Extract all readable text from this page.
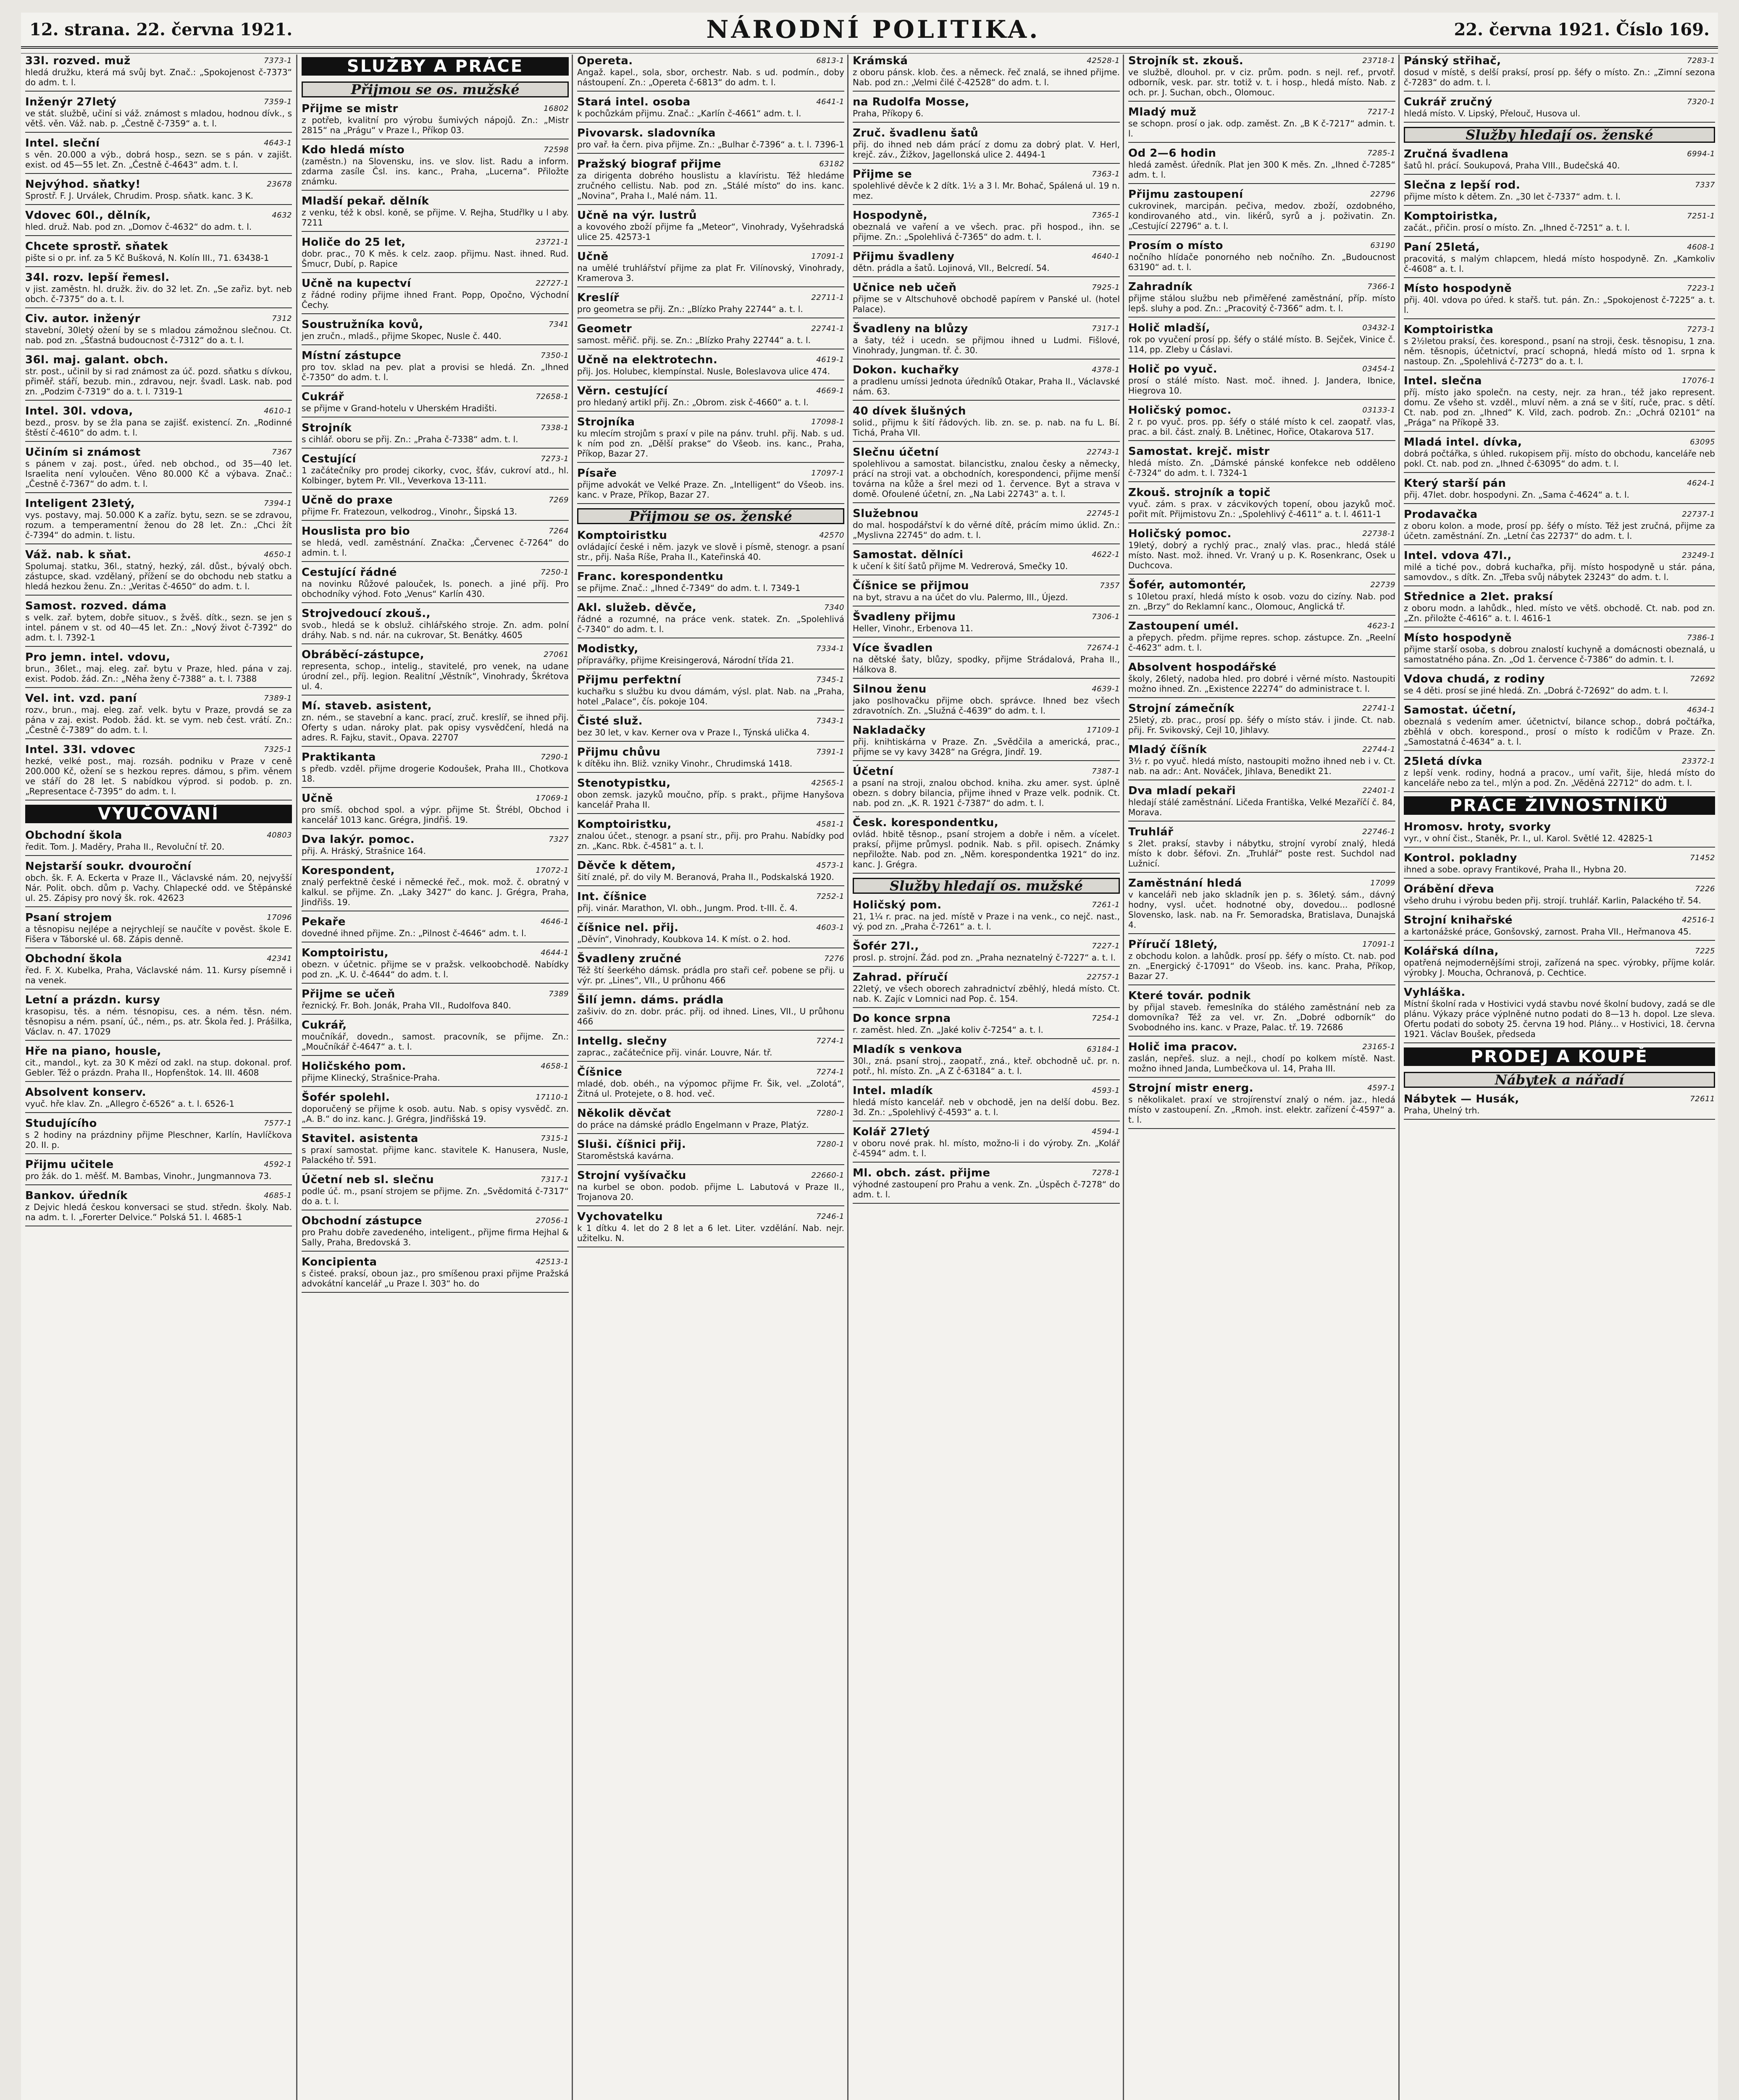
12. strana. 22. června 1921.	NÁRODNÍ POLITIKA.	22. června 1921. Číslo 169.
7373-1
33l. rozved. muž
hledá družku, která má svůj byt. Znač.: „Spokojenost č-7373“ do adm. t. l.
7359-1
Inženýr 27letý
ve stát. službě, učiní si váž. známost s mladou, hodnou dívk., s větš. věn. Váž. nab. p. „Čestně č-7359“ a. t. l.
4643-1
Intel. sleční
s věn. 20.000 a výb., dobrá hosp., sezn. se s pán. v zajišt. exist. od 45—55 let. Zn. „Čestně č-4643“ adm. t. l.
23678
Nejvýhod. sňatky!
Sprostř. F. J. Urválek, Chrudim. Prosp. sňatk. kanc. 3 K.
4632
Vdovec 60l., dělník,
hled. druž. Nab. pod zn. „Domov č-4632“ do adm. t. l.
Chcete sprostř. sňatek
pište si o pr. inf. za 5 Kč Bušková, N. Kolín III., 71. 63438-1
34l. rozv. lepší řemesl.
v jist. zaměstn. hl. družk. živ. do 32 let. Zn. „Se zařiz. byt. neb obch. č-7375“ do a. t. l.
7312
Civ. autor. inženýr
stavební, 30letý ožení by se s mladou zámožnou slečnou. Ct. nab. pod zn. „Šťastná budoucnost č-7312“ do a. t. l.
36l. maj. galant. obch.
str. post., učinil by si rad známost za úč. pozd. sňatku s dívkou, přiměř. stáří, bezub. min., zdravou, nejr. švadl. Lask. nab. pod zn. „Podzim č-7319“ do a. t. l. 7319-1
4610-1
Intel. 30l. vdova,
bezd., prosv. by se žla pana se zajišť. existencí. Zn. „Rodinné štěstí č-4610“ do adm. t. l.
7367
Učiním si známost
s pánem v zaj. post., úřed. neb obchod., od 35—40 let. Israelita není vyloučen. Věno 80.000 Kč a výbava. Znač.: „Čestně č-7367“ do adm. t. l.
7394-1
Inteligent 23letý,
vys. postavy, maj. 50.000 K a zaříz. bytu, sezn. se se zdravou, rozum. a temperamentní ženou do 28 let. Zn.: „Chci žít č-7394“ do admin. t. listu.
4650-1
Váž. nab. k sňat.
Spolumaj. statku, 36l., statný, hezký, zál. důst., bývalý obch. zástupce, skad. vzdělaný, přížení se do obchodu neb statku a hledá hezkou ženu. Zn.: „Veritas č-4650“ do adm. t. l.
Samost. rozved. dáma
s velk. zař. bytem, dobře situov., s žvěš. dítk., sezn. se jen s intel. pánem v st. od 40—45 let. Zn.: „Nový život č-7392“ do adm. t. l. 7392-1
Pro jemn. intel. vdovu,
brun., 36let., maj. eleg. zař. bytu v Praze, hled. pána v zaj. exist. Podob. žád. Zn.: „Něha ženy č-7388“ a. t. l. 7388
7389-1
Vel. int. vzd. paní
rozv., brun., maj. eleg. zař. velk. bytu v Praze, provdá se za pána v zaj. exist. Podob. žád. kt. se vym. neb čest. vrátí. Zn.: „Čestně č-7389“ do adm. t. l.
7325-1
Intel. 33l. vdovec
hezké, velké post., maj. rozsáh. podniku v Praze v ceně 200.000 Kč, ožení se s hezkou repres. dámou, s přim. věnem ve stáří do 28 let. S nabídkou výprod. si podob. p. zn. „Representace č-7395“ do adm. t. l.
VYUČOVÁNÍ
40803
Obchodní škola
ředit. Tom. J. Maděry, Praha II., Revoluční tř. 20.
Nejstarší soukr. dvouroční
obch. šk. F. A. Eckerta v Praze II., Václavské nám. 20, nejvyšší Nár. Polit. obch. dům p. Vachy. Chlapecké odd. ve Štěpánské ul. 25. Zápisy pro nový šk. rok. 42623
17096
Psaní strojem
a těsnopisu nejlépe a nejrychlejí se naučíte v pověst. škole E. Fišera v Táborské ul. 68. Zápis denně.
42341
Obchodní škola
řed. F. X. Kubelka, Praha, Václavské nám. 11. Kursy písemně i na venek.
Letní a prázdn. kursy
krasopisu, těs. a ném. tésnopisu, ces. a ném. těsn. ném. těsnopisu a ném. psaní, úč., ném., ps. atr. Škola řed. J. Prášilka, Václav. n. 47. 17029
Hře na piano, housle,
cit., mandol., kyt. za 30 K mězí od zakl. na stup. dokonal. prof. Gebler. Též o prázdn. Praha II., Hopfenštok. 14. III. 4608
Absolvent konserv.
vyuč. hře klav. Zn. „Allegro č-6526“ a. t. l. 6526-1
7577-1
Studujícího
s 2 hodiny na prázdniny přijme Pleschner, Karlín, Havlíčkova 20. II. p.
4592-1
Přijmu učitele
pro žák. do 1. měšť. M. Bambas, Vinohr., Jungmannova 73.
4685-1
Bankov. úředník
z Dejvic hledá českou konversaci se stud. středn. školy. Nab. na adm. t. l. „Forerter Delvice.“ Polská 51. l. 4685-1
SLUŽBY A PRÁCE
Přijmou se os. mužské
16802
Přijme se mistr
z potřeb, kvalitní pro výrobu šumivých nápojů. Zn.: „Mistr 2815“ na „Prágu“ v Praze I., Příkop 03.
72598
Kdo hledá místo
(zaměstn.) na Slovensku, ins. ve slov. list. Radu a inform. zdarma zasíle Čsl. ins. kanc., Praha, „Lucerna“. Přiložte známku.
Mladší pekař. dělník
z venku, též k obsl. koně, se přijme. V. Rejha, Studřlky u l aby. 7211
23721-1
Holiče do 25 let,
dobr. prac., 70 K měs. k celz. zaop. přijmu. Nast. ihned. Rud. Šmucr, Dubí, p. Rapice
22727-1
Učně na kupectví
z řádné rodiny přijme ihned Frant. Popp, Opočno, Východní Čechy.
7341
Soustružníka kovů,
jen zručn., mladš., přijme Skopec, Nusle č. 440.
7350-1
Místní zástupce
pro tov. sklad na pev. plat a provisi se hledá. Zn. „Ihned č-7350“ do adm. t. l.
72658-1
Cukrář
se přijme v Grand-hotelu v Uherském Hradišti.
7338-1
Strojník
s cihlář. oboru se přij. Zn.: „Praha č-7338“ adm. t. l.
7273-1
Cestující
1 začátečníky pro prodej cikorky, cvoc, šťáv, cukroví atd., hl. Kolbinger, bytem Pr. VII., Veverkova 13-111.
7269
Učně do praxe
přijme Fr. Fratezoun, velkodrog., Vinohr., Šipská 13.
7264
Houslista pro bio
se hledá, vedl. zaměstnání. Značka: „Červenec č-7264“ do admin. t. l.
7250-1
Cestující řádné
na novinku Růžové palouček, Is. ponech. a jiné příj. Pro obchodníky výhod. Foto „Venus“ Karlín 430.
Strojvedoucí zkouš.,
svob., hledá se k obsluž. cihlářského stroje. Zn. adm. polní dráhy. Nab. s nd. nár. na cukrovar, St. Benátky. 4605
27061
Obráběcí-zástupce,
representa, schop., intelig., stavitelé, pro venek, na udane úrodní zel., příj. legion. Realitní „Věstník“, Vinohrady, Škrétova ul. 4.
Mí. staveb. asistent,
zn. ném., se stavební a kanc. prací, zruč. kreslíř, se ihned přij. Oferty s udan. nároky plat. pak opisy vysvědčení, hledá na adres. R. Fajku, stavit., Opava. 22707
7290-1
Praktikanta
s předb. vzděl. přijme drogerie Kodoušek, Praha III., Chotkova 18.
17069-1
Učně
pro smíš. obchod spol. a výpr. přijme St. Štrébl, Obchod i kancelář 1013 kanc. Grégra, Jindřiš. 19.
7327
Dva lakýr. pomoc.
přij. A. Hráský, Strašnice 164.
17072-1
Korespondent,
znalý perfektně české i německé řeč., mok. mož. č. obratný v kalkul. se přijme. Zn. „Laky 3427“ do kanc. J. Grégra, Praha, Jindřišs. 19.
4646-1
Pekaře
dovedné ihned přijme. Zn.: „Pilnost č-4646“ adm. t. l.
4644-1
Komptoiristu,
obezn. v účetnic. přijme se v pražsk. velkoobchodě. Nabídky pod zn. „K. U. č-4644“ do adm. t. l.
7389
Přijme se učeň
řeznický. Fr. Boh. Jonák, Praha VII., Rudolfova 840.
Cukrář,
moučníkář, dovedn., samost. pracovník, se přijme. Zn.: „Moučníkář č-4647“ a. t. l.
4658-1
Holičského pom.
přijme Klinecký, Strašnice-Praha.
17110-1
Šofér spolehl.
doporučený se přijme k osob. autu. Nab. s opisy vysvědč. zn. „A. B.“ do inz. kanc. J. Grégra, Jindřišská 19.
7315-1
Stavitel. asistenta
s praxí samostat. přijme kanc. stavitele K. Hanusera, Nusle, Palackého tř. 591.
7317-1
Účetní neb sl. slečnu
podle úč. m., psaní strojem se přijme. Zn. „Svědomitá č-7317“ do a. t. l.
27056-1
Obchodní zástupce
pro Prahu dobře zavedeného, inteligent., přijme firma Hejhal & Sally, Praha, Bredovská 3.
42513-1
Koncipienta
s čisteé. praksí, oboun jaz., pro smíšenou praxi přijme Pražská advokátní kancelář „u Praze I. 303“ ho. do
6813-1
Opereta.
Angaž. kapel., sola, sbor, orchestr. Nab. s ud. podmín., doby nástoupení. Zn.: „Opereta č-6813“ do adm. t. l.
4641-1
Stará intel. osoba
k pochůzkám přijmu. Znač.: „Karlín č-4661“ adm. t. l.
Pivovarsk. sladovníka
pro vař. ła čern. piva přijme. Zn.: „Bulhar č-7396“ a. t. l. 7396-1
63182
Pražský biograf přijme
za dirigenta dobrého houslistu a klavíristu. Též hledáme zručného cellistu. Nab. pod zn. „Stálé místo“ do ins. kanc. „Novina“, Praha I., Malé nám. 11.
Učně na výr. lustrů
a kovového zboží přijme fa „Meteor“, Vinohrady, Vyšehradská ulice 25. 42573-1
17091-1
Učně
na umělé truhlářství přijme za plat Fr. Vilínovský, Vinohrady, Kramerova 3.
22711-1
Kreslíř
pro geometra se přij. Zn.: „Blízko Prahy 22744“ a. t. l.
22741-1
Geometr
samost. měřič. přij. se. Zn.: „Blízko Prahy 22744“ a. t. l.
4619-1
Učně na elektrotechn.
přij. Jos. Holubec, klempínstal. Nusle, Boleslavova ulice 474.
4669-1
Věrn. cestující
pro hledaný artikl přij. Zn.: „Obrom. zisk č-4660“ a. t. l.
17098-1
Strojníka
ku mlecím strojům s praxí v pile na pánv. truhl. přij. Nab. s ud. k ním pod zn. „Dělší prakse“ do Všeob. ins. kanc., Praha, Příkop, Bazar 27.
17097-1
Písaře
přijme advokát ve Velké Praze. Zn. „Intelligent“ do Všeob. ins. kanc. v Praze, Příkop, Bazar 27.
Přijmou se os. ženské
42570
Komptoiristku
ovládající české i něm. jazyk ve slově i písmě, stenogr. a psaní str., přij. Naša Ríše, Praha II., Kateřinská 40.
Franc. korespondentku
se přijme. Znač.: „Ihned č-7349“ do adm. t. l. 7349-1
7340
Akl. služeb. děvče,
řádné a rozumné, na práce venk. statek. Zn. „Spolehlivá č-7340“ do adm. t. l.
7334-1
Modistky,
přípravářky, přijme Kreisingerová, Národní třída 21.
7345-1
Přijmu perfektní
kuchařku s službu ku dvou dámám, výsl. plat. Nab. na „Praha, hotel „Palace“, čís. pokoje 104.
7343-1
Čisté služ.
bez 30 let, v kav. Kerner ova v Praze I., Týnská ulička 4.
7391-1
Přijmu chůvu
k dítěku ihn. Bliž. vzniky Vinohr., Chrudimská 1418.
42565-1
Stenotypistku,
obon zemsk. jazyků moučno, příp. s prakt., přijme Hanyšova kancelář Praha II.
4581-1
Komptoiristku,
znalou účet., stenogr. a psaní str., přij. pro Prahu. Nabídky pod zn. „Kanc. Rbk. č-4581“ a. t. l.
4573-1
Děvče k dětem,
šití znalé, př. do vily M. Beranová, Praha II., Podskalská 1920.
7252-1
Int. číšnice
přij. vinár. Marathon, VI. obh., Jungm. Prod. t-III. č. 4.
4603-1
číšnice nel. přij.
„Děvín“, Vinohrady, Koubkova 14. K míst. o 2. hod.
7276
Švadleny zručné
Též ští šeerkého dámsk. prádla pro staři ceř. pobene se přij. u výr. pr. „Lines“, VII., U průhonu 466
Šilí jemn. dáms. prádla
zašiviv. do zn. dobr. prác. přij. od ihned. Lines, VII., U průhonu 466
7274-1
Intellg. slečny
zaprac., začátečnice přij. vinár. Louvre, Nár. tř.
7274-1
Číšnice
mladé, dob. obéh., na výpomoc přijme Fr. Šik, vel. „Zolotá“, Žitná ul. Protejete, o 8. hod. več.
7280-1
Několik děvčat
do práce na dámské prádlo Engelmann v Praze, Platýz.
7280-1
Sluši. číšnici přij.
Staroměstská kavárna.
22660-1
Strojní vyšívačku
na kurbel se obon. podob. přijme L. Labutová v Praze II., Trojanova 20.
7246-1
Vychovatelku
k 1 dítku 4. let do 2 8 let a 6 let. Liter. vzdělání. Nab. nejr. užitelku. N.
42528-1
Krámská
z oboru pánsk. klob. čes. a německ. řeč znalá, se ihned přijme. Nab. pod zn.: „Velmi čilé č-42528“ do adm. t. l.
na Rudolfa Mosse,
Praha, Příkopy 6.
Zruč. švadlenu šatů
přij. do ihned neb dám prácí z domu za dobrý plat. V. Herl, krejč. záv., Žižkov, Jagellonská ulice 2. 4494-1
7363-1
Přijme se
spolehlivé děvče k 2 dítk. 1½ a 3 l. Mr. Bohač, Spálená ul. 19 n. mez.
7365-1
Hospodyně,
obeznalá ve vaření a ve všech. prac. při hospod., ihn. se přijme. Zn.: „Spolehlivá č-7365“ do adm. t. l.
4640-1
Přijmu švadleny
dětn. prádla a šatů. Lojinová, VII., Belcredí. 54.
7925-1
Učnice neb učeň
přijme se v Altschuhově obchodě papírem v Panské ul. (hotel Palace).
7317-1
Švadleny na blůzy
a šaty, též i ucedn. se přijmou ihned u Ludmi. Fišlové, Vinohrady, Jungman. tř. č. 30.
4378-1
Dokon. kuchařky
a pradlenu umíssi Jednota úředníků Otakar, Praha II., Václavské nám. 63.
40 dívek šlušných
solid., přijmu k šití řádových. lib. zn. se. p. nab. na fu L. Bí. Tichá, Praha VII.
22743-1
Slečnu účetní
spolehlivou a samostat. bilancistku, znalou česky a německy, prácí na stroji vat. a obchodních, korespondenci, přijme menší továrna na kůže a šrel mezi od 1. července. Byt a strava v domě. Ofoulené účetní, zn. „Na Labi 22743“ a. t. l.
22745-1
Služebnou
do mal. hospodářství k do věrné dítě, prácím mimo úklid. Zn.: „Myslivna 22745“ do adm. t. l.
4622-1
Samostat. dělníci
k učení k šití šatů přijme M. Vedrerová, Smečky 10.
7357
Číšnice se přijmou
na byt, stravu a na účet do vlu. Palermo, III., Újezd.
7306-1
Švadleny přijmu
Heller, Vinohr., Erbenova 11.
72674-1
Více švadlen
na dětské šaty, blůzy, spodky, přijme Strádalová, Praha II., Hálkova 8.
4639-1
Silnou ženu
jako poslhovačku přijme obch. správce. Ihned bez všech zdravotních. Zn. „Služná č-4639“ do adm. t. l.
17109-1
Nakladačky
přij. knihtiskárna v Praze. Zn. „Svědčila a americká, prac., přijme se vy kavy 3428“ na Grégra, Jindř. 19.
7387-1
Účetní
a psaní na stroji, znalou obchod. kniha. zku amer. syst. úplně obezn. s dobry bilancia, přijme ihned v Praze velk. podnik. Ct. nab. pod zn. „K. R. 1921 č-7387“ do adm. t. l.
Česk. korespondentku,
ovlád. hbitě těsnop., psaní strojem a dobře i něm. a vícelet. praksí, přijme průmysl. podnik. Nab. s přil. opisech. Známky nepřiložte. Nab. pod zn. „Něm. korespondentka 1921“ do inz. kanc. J. Grégra.
Služby hledají os. mužské
7261-1
Holičský pom.
21, 1¼ r. prac. na jed. místě v Praze i na venk., co nejč. nast., vý. pod zn. „Praha č-7261“ a. t. l.
7227-1
Šofér 27l.,
prosl. p. strojní. Žád. pod zn. „Praha neznatelný č-7227“ a. t. l.
22757-1
Zahrad. příručí
22letý, ve všech oborech zahradnictví zběhlý, hledá místo. Ct. nab. K. Zajíc v Lomnici nad Pop. č. 154.
7254-1
Do konce srpna
r. zaměst. hled. Zn. „Jaké koliv č-7254“ a. t. l.
63184-1
Mladík s venkova
30l., zná. psaní stroj., zaopatř., zná., kteř. obchodně uč. pr. n. potř., hl. místo. Zn. „A Z č-63184“ a. t. l.
4593-1
Intel. mladík
hledá místo kancelář. neb v obchodě, jen na delší dobu. Bez. 3d. Zn.: „Spolehlivý č-4593“ a. t. l.
4594-1
Kolář 27letý
v oboru nové prak. hl. místo, možno-li i do výroby. Zn. „Kolář č-4594“ adm. t. l.
7278-1
Ml. obch. zást. přijme
výhodné zastoupení pro Prahu a venk. Zn. „Úspěch č-7278“ do adm. t. l.
23718-1
Strojník st. zkouš.
ve službě, dlouhol. pr. v ciz. prům. podn. s nejl. ref., prvotř. odborník, vesk. par. str. totiž v. t. i hosp., hledá místo. Nab. z och. pr. J. Suchan, obch., Olomouc.
7217-1
Mladý muž
se schopn. prosí o jak. odp. zaměst. Zn. „B K č-7217“ admin. t. l.
7285-1
Od 2—6 hodin
hledá zaměst. úředník. Plat jen 300 K měs. Zn. „Ihned č-7285“ adm. t. l.
22796
Přijmu zastoupení
cukrovinek, marcipán. pečiva, medov. zboží, ozdobného, kondirovaného atd., vin. likérů, syrů a j. poživatin. Zn. „Cestující 22796“ a. t. l.
63190
Prosím o místo
nočního hlídače ponorného neb nočního. Zn. „Budoucnost 63190“ ad. t. l.
7366-1
Zahradník
přijme stálou službu neb přiměřené zaměstnání, příp. místo lepš. sluhy a pod. Zn.: „Pracovitý č-7366“ adm. t. l.
03432-1
Holič mladší,
rok po vyučení prosí pp. šéfy o stálé místo. B. Sejček, Vinice č. 114, pp. Zleby u Čáslavi.
03454-1
Holič po vyuč.
prosí o stálé místo. Nast. moč. ihned. J. Jandera, Ibnice, Hiegrova 10.
03133-1
Holičský pomoc.
2 r. po vyuč. pros. pp. šéfy o stálé místo k cel. zaopatř. vlas, prac. a bil. část. znalý. B. Lnětinec, Hořice, Otakarova 517.
Samostat. krejč. mistr
hledá místo. Zn. „Dámské pánské konfekce neb odděleno č-7324“ do adm. t. l. 7324-1
Zkouš. strojník a topič
vyuč. zám. s prax. v zácvikových topení, obou jazyků moč. pořit mít. Přijmistovu Zn.: „Spolehlivý č-4611“ a. t. l. 4611-1
22738-1
Holičský pomoc.
19letý, dobrý a rychlý prac., znalý vlas. prac., hledá stálé místo. Nast. mož. ihned. Vr. Vraný u p. K. Rosenkranc, Osek u Duchcova.
22739
Šofér, automontér,
s 10letou praxí, hledá místo k osob. vozu do cizíny. Nab. pod zn. „Brzy“ do Reklamní kanc., Olomouc, Anglická tř.
4623-1
Zastoupení umél.
a přepych. předm. přijme repres. schop. zástupce. Zn. „Reelní č-4623“ adm. t. l.
Absolvent hospodářské
školy, 26letý, nadoba hled. pro dobré i věrné místo. Nastoupiti možno ihned. Zn. „Existence 22274“ do administrace t. l.
22741-1
Strojní zámečník
25letý, zb. prac., prosí pp. šéfy o místo stáv. i jinde. Ct. nab. přij. Fr. Svikovský, Cejl 10, Jihlavy.
22744-1
Mladý číšník
3½ r. po vyuč. hledá místo, nastoupiti možno ihned neb i v. Ct. nab. na adr.: Ant. Nováček, Jihlava, Benedikt 21.
22401-1
Dva mladí pekaři
hledají stálé zaměstnání. Ličeda Františka, Velké Mezaříčí č. 84, Morava.
22746-1
Truhlář
s 2let. praksí, stavby i nábytku, strojní vyrobí znalý, hledá místo k dobr. šéfovi. Zn. „Truhlář“ poste rest. Suchdol nad Lužnicí.
17099
Zaměstnání hledá
v kanceláři neb jako skladník jen p. s. 36letý. sám., dávný hodny, vysl. učet. hodnotné oby, dovedou... podlosné Slovensko, lask. nab. na Fr. Semoradska, Bratislava, Dunajská 4.
17091-1
Příručí 18letý,
z obchodu kolon. a lahůdk. prosí pp. šéfy o místo. Ct. nab. pod zn. „Energický č-17091“ do Všeob. ins. kanc. Praha, Příkop, Bazar 27.
Které továr. podnik
by přijal staveb. řemeslníka do stálého zaměstnání neb za domovníka? Též za vel. vr. Zn. „Dobré odborník“ do Svobodného ins. kanc. v Praze, Palac. tř. 19. 72686
23165-1
Holič ima pracov.
zaslán, nepřeš. sluz. a nejl., chodí po kolkem místě. Nast. možno ihned Janda, Lumbečkova ul. 14, Praha III.
4597-1
Strojní mistr energ.
s několikalet. praxí ve strojírenství znalý o ném. jaz., hledá místo v zastoupení. Zn. „Rmoh. inst. elektr. zařízení č-4597“ a. t. l.
7283-1
Pánský střihač,
dosud v místě, s delší praksí, prosí pp. šéfy o místo. Zn.: „Zimní sezona č-7283“ do adm. t. l.
7320-1
Cukrář zručný
hledá místo. V. Lipský, Přelouč, Husova ul.
Služby hledají os. ženské
6994-1
Zručná švadlena
šatů hl. prácí. Soukupová, Praha VIII., Budečská 40.
7337
Slečna z lepší rod.
přijme místo k dětem. Zn. „30 let č-7337“ adm. t. l.
7251-1
Komptoiristka,
začát., přičin. prosí o místo. Zn. „Ihned č-7251“ a. t. l.
4608-1
Paní 25letá,
pracovitá, s malým chlapcem, hledá místo hospodyně. Zn. „Kamkoliv č-4608“ a. t. l.
7223-1
Místo hospodyně
přij. 40l. vdova po úřed. k stařš. tut. pán. Zn.: „Spokojenost č-7225“ a. t. l.
7273-1
Komptoiristka
s 2½letou praksí, čes. korespond., psaní na stroji, česk. těsnopisu, 1 zna. něm. těsnopis, účetnictví, prací schopná, hledá místo od 1. srpna k nastoup. Zn. „Spolehlivá č-7273“ do a. t. l.
17076-1
Intel. slečna
příj. místo jako společn. na cesty, nejr. za hran., též jako represent. domu. Ze všeho st. vzděl., mluví něm. a zná se v šití, ruče, prac. s dětí. Ct. nab. pod zn. „Ihned“ K. Vild, zach. podrob. Zn.: „Ochrá 02101“ na „Prága“ na Příkopě 33.
63095
Mladá intel. dívka,
dobrá počtářka, s úhled. rukopisem přij. místo do obchodu, kanceláře neb pokl. Ct. nab. pod zn. „Ihned č-63095“ do adm. t. l.
4624-1
Který starší pán
přij. 47let. dobr. hospodyni. Zn. „Sama č-4624“ a. t. l.
22737-1
Prodavačka
z oboru kolon. a mode, prosí pp. šéfy o místo. Též jest zručná, přijme za účetn. zaměstnání. Zn. „Letní čas 22737“ do adm. t. l.
23249-1
Intel. vdova 47l.,
milé a tiché pov., dobrá kuchařka, přij. místo hospodyně u stár. pána, samovdov., s dítk. Zn. „Třeba svůj nábytek 23243“ do adm. t. l.
Střednice a 2let. praksí
z oboru modn. a lahůdk., hled. místo ve větš. obchodě. Ct. nab. pod zn. „Zn. přiložte č-4616“ a. t. l. 4616-1
7386-1
Místo hospodyně
přijme starší osoba, s dobrou znalostí kuchyně a domácnosti obeznalá, u samostatného pána. Zn. „Od 1. července č-7386“ do admin. t. l.
72692
Vdova chudá, z rodiny
se 4 děti. prosí se jiné hledá. Zn. „Dobrá č-72692“ do adm. t. l.
4634-1
Samostat. účetní,
obeznalá s vedením amer. účetnictví, bilance schop., dobrá počtářka, zběhlá v obch. korespond., prosí o místo k rodičům v Praze. Zn. „Samostatná č-4634“ a. t. l.
23372-1
25letá dívka
z lepší venk. rodiny, hodná a pracov., umí vařit, šije, hledá místo do kanceláře nebo za tel., mlýn a pod. Zn. „Věděná 22712“ do adm. t. l.
PRÁCE ŽIVNOSTNÍKŮ
Hromosv. hroty, svorky
vyr., v ohní čist., Staněk, Pr. I., ul. Karol. Světlé 12. 42825-1
71452
Kontrol. pokladny
ihned a sobe. opravy Frantikové, Praha II., Hybna 20.
7226
Orábění dřeva
všeho druhu i výrobu beden přij. strojí. truhlář. Karlin, Palackého tř. 54.
42516-1
Strojní knihařské
a kartonážské práce, Gonšovský, zarnost. Praha VII., Heřmanova 45.
7225
Kolářská dílna,
opatřená nejmodernějšími stroji, zařízená na spec. výrobky, příjme kolár. výrobky J. Moucha, Ochranová, p. Cechtice.
Vyhláška.
Místní školní rada v Hostivici vydá stavbu nové školní budovy, zadá se dle plánu. Výkazy práce výplněné nutno podati do 8—13 h. dopol. Lze sleva. Ofertu podati do soboty 25. června 19 hod. Plány... v Hostivici, 18. června 1921. Václav Boušek, předseda
PRODEJ A KOUPĚ
Nábytek a nářadí
72611
Nábytek — Husák,
Praha, Uhelný trh.
